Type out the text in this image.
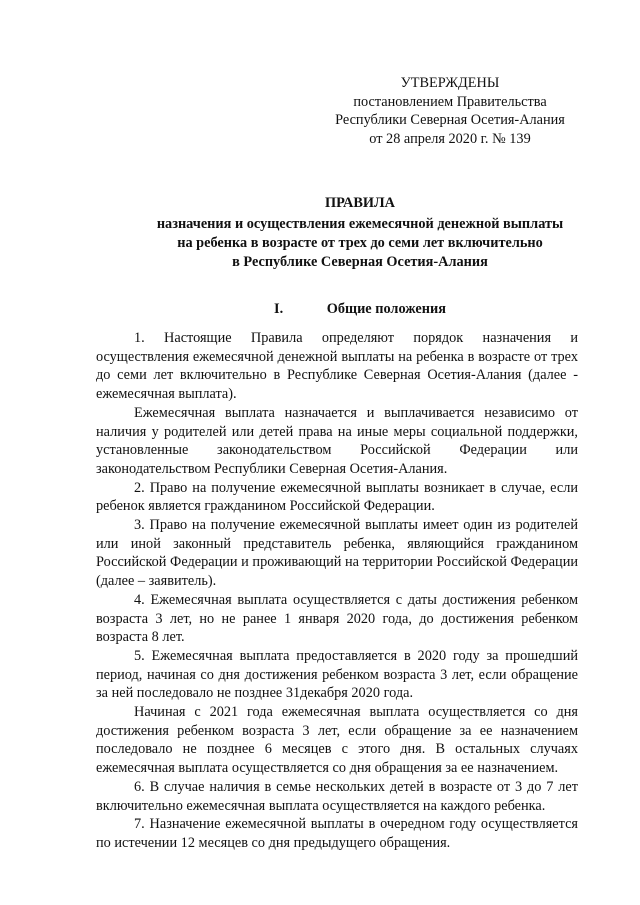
УТВЕРЖДЕНЫ
постановлением Правительства
Республики Северная Осетия-Алания
от 28 апреля 2020 г. № 139
ПРАВИЛА
назначения и осуществления ежемесячной денежной выплаты
на ребенка в возрасте от трех до семи лет включительно
в Республике Северная Осетия-Алания
I.	Общие положения

1. Настоящие Правила определяют порядок назначения и осуществления ежемесячной денежной выплаты на ребенка в возрасте от трех до семи лет включительно в Республике Северная Осетия-Алания (далее - ежемесячная выплата).

Ежемесячная выплата назначается и выплачивается независимо от наличия у родителей или детей права на иные меры социальной поддержки, установленные законодательством Российской Федерации или законодательством Республики Северная Осетия-Алания.

2. Право на получение ежемесячной выплаты возникает в случае, если ребенок является гражданином Российской Федерации.

3. Право на получение ежемесячной выплаты имеет один из родителей или иной законный представитель ребенка, являющийся гражданином Российской Федерации и проживающий на территории Российской Федерации (далее – заявитель).

4. Ежемесячная выплата осуществляется с даты достижения ребенком возраста 3 лет, но не ранее 1 января 2020 года, до достижения ребенком возраста 8 лет.

5. Ежемесячная выплата предоставляется в 2020 году за прошедший период, начиная со дня достижения ребенком возраста 3 лет, если обращение за ней последовало не позднее 31декабря 2020 года.

Начиная с 2021 года ежемесячная выплата осуществляется со дня достижения ребенком возраста 3 лет, если обращение за ее назначением последовало не позднее 6 месяцев с этого дня. В остальных случаях ежемесячная выплата осуществляется со дня обращения за ее назначением.

6. В случае наличия в семье нескольких детей в возрасте от 3 до 7 лет включительно ежемесячная выплата осуществляется на каждого ребенка.

7. Назначение ежемесячной выплаты в очередном году осуществляется по истечении 12 месяцев со дня предыдущего обращения.
